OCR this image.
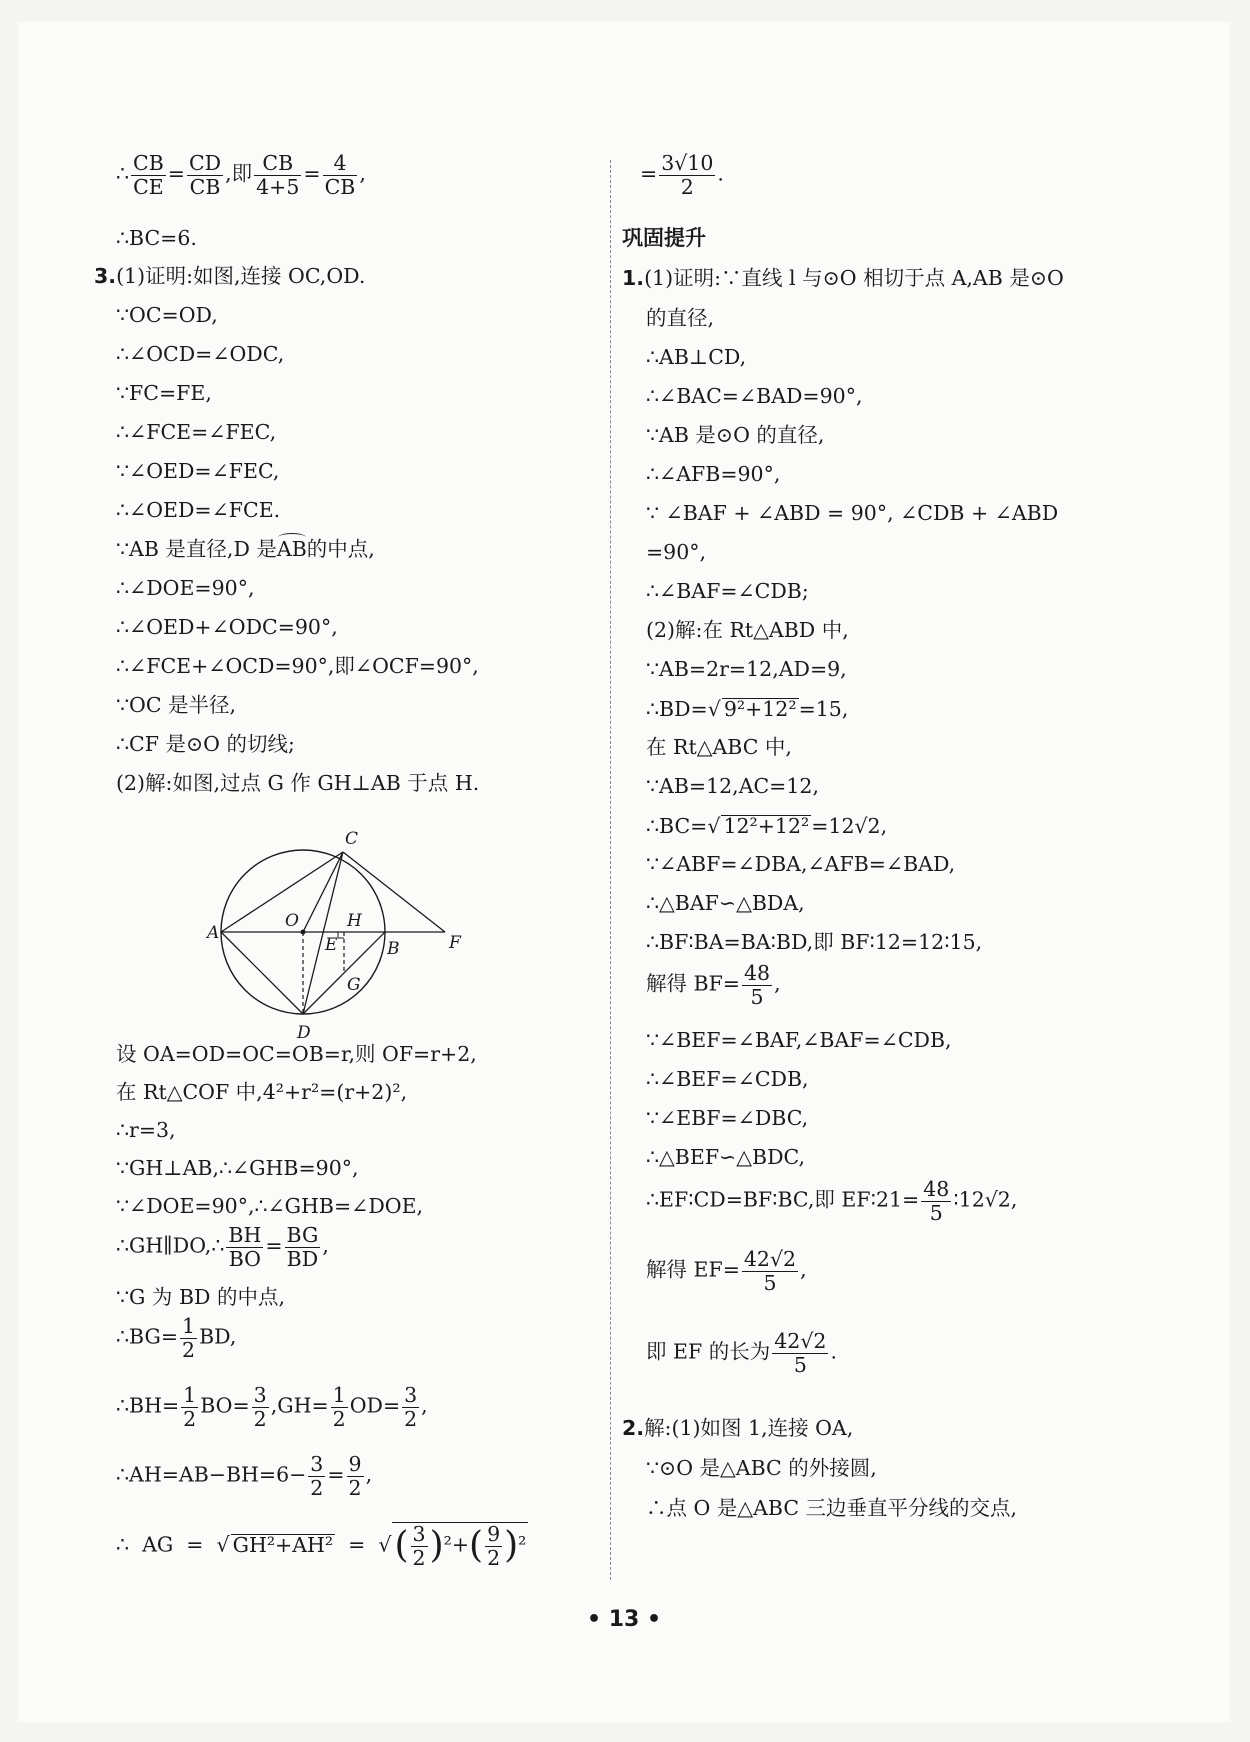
∴ $\frac{CB}{CE} = \frac{CD}{CB}$ ,即 $\frac{CB}{4+5} = \frac{4}{CB}$ ,
∴BC=6.
3.(1)证明:如图,连接 OC,OD.
∵OC=OD,
∴∠OCD=∠ODC,
∵FC=FE,
∴∠FCE=∠FEC,
∵∠OED=∠FEC,
∴∠OED=∠FCE.
∵AB 是直径,D 是AB的中点,
∴∠DOE=90°,
∴∠OED+∠ODC=90°,
∴∠FCE+∠OCD=90°,即∠OCF=90°,
∵OC 是半径,
∴CF 是⊙O 的切线;
(2)解:如图,过点 G 作 GH⊥AB 于点 H.
A
B
C
D
E	F
G
H
O
设 OA=OD=OC=OB=r,则 OF=r+2,
在 Rt△COF 中,4²+r²=(r+2)²,
∴r=3,
∵GH⊥AB,∴∠GHB=90°,
∵∠DOE=90°,∴∠GHB=∠DOE,
∴GH∥DO,∴ $\frac{BH}{BO} = \frac{BG}{BD}$ ,
∵G 为 BD 的中点,
∴BG= $\frac{1}{2}$ BD,
∴BH= $\frac{1}{2} BO= \frac{3}{2} ,GH= \frac{1}{2} OD= \frac{3}{2}$ ,
∴AH=AB−BH=6− $\frac{3}{2} = \frac{9}{2}$ ,
∴  AG  =  √ GH²+AH²  =  √( $\frac{3}{2} )^2+( \frac{9}{2} )^2$
= $\frac{3√10}{2}$ .
巩固提升
1.(1)证明:∵直线 l 与⊙O 相切于点 A,AB 是⊙O
的直径,
∴AB⊥CD,
∴∠BAC=∠BAD=90°,
∵AB 是⊙O 的直径,
∴∠AFB=90°,
∵ ∠BAF + ∠ABD = 90°, ∠CDB + ∠ABD
=90°,
∴∠BAF=∠CDB;
(2)解:在 Rt△ABD 中,
∵AB=2r=12,AD=9,
∴BD=√ 9²+12²=15,
在 Rt△ABC 中,
∵AB=12,AC=12,
∴BC=√ 12²+12²=12√2,
∵∠ABF=∠DBA,∠AFB=∠BAD,
∴△BAF∽△BDA,
∴BF∶BA=BA∶BD,即 BF∶12=12∶15,
解得 $BF= \frac{48}{5}$ ,
∵∠BEF=∠BAF,∠BAF=∠CDB,
∴∠BEF=∠CDB,
∵∠EBF=∠DBC,
∴△BEF∽△BDC,
∴EF∶CD=BF∶BC,即 EF∶21= $\frac{48}{5}$ ∶12√2,
解得 $EF= \frac{42√2}{5}$ ,
即 EF 的长为 $\frac{42√2}{5}$ .
2.解:(1)如图 1,连接 OA,
∵⊙O 是△ABC 的外接圆,
∴点 O 是△ABC 三边垂直平分线的交点,
• 13 •
